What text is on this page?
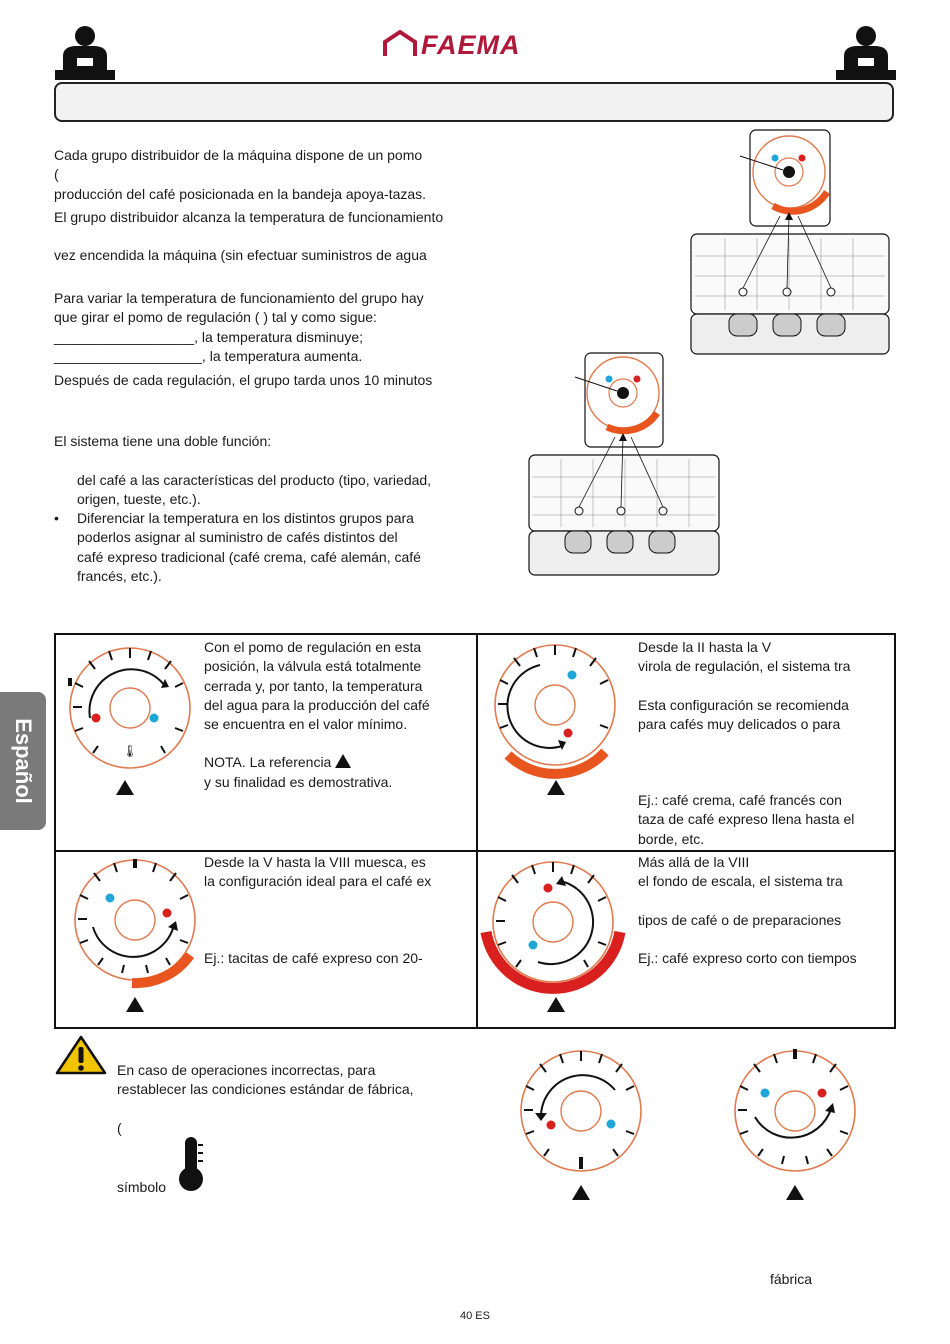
FAEMA
Cada grupo distribuidor de la máquina dispone de un pomo
(
producción del café posicionada en la bandeja apoya-tazas.
El grupo distribuidor alcanza la temperatura de funcionamiento
vez encendida la máquina (sin efectuar suministros de agua
Para variar la temperatura de funcionamiento del grupo hay
que girar el pomo de regulación ( ) tal y como sigue:
__________________, la temperatura disminuye;
___________________, la temperatura aumenta.
Después de cada regulación, el grupo tarda unos 10 minutos
El sistema tiene una doble función:
del café a las características del producto (tipo, variedad,
origen, tueste, etc.).
•	Diferenciar la temperatura en los distintos grupos para
poderlos asignar al suministro de cafés distintos del
café expreso tradicional (café crema, café alemán, café
francés, etc.).
Español	🌡
Con el pomo de regulación en esta
posición, la válvula está totalmente
cerrada y, por tanto, la temperatura
del agua para la producción del café
se encuentra en el valor mínimo.
NOTA. La referencia
y su finalidad es demostrativa.
Desde la II hasta la V
virola de regulación, el sistema tra
Esta configuración se recomienda
para cafés muy delicados o para
Ej.: café crema, café francés con
taza de café expreso llena hasta el
borde, etc.
Desde la V hasta la VIII muesca, es
la configuración ideal para el café ex
Ej.: tacitas de café expreso con 20-
Más allá de la VIII
el fondo de escala, el sistema tra
tipos de café o de preparaciones
Ej.: café expreso corto con tiempos
En caso de operaciones incorrectas, para
restablecer las condiciones estándar de fábrica,
(
símbolo
fábrica
40 ES
